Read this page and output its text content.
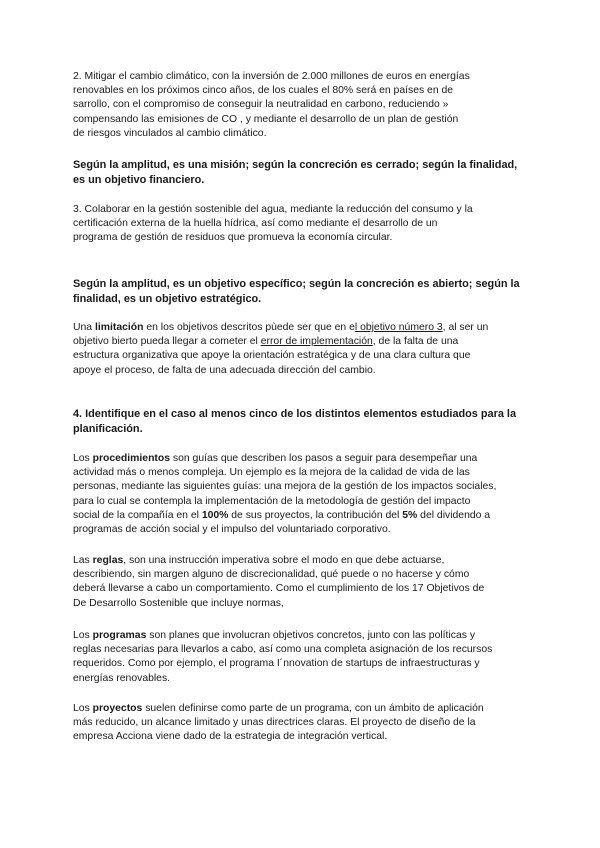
2. Mitigar el cambio climático, con la inversión de 2.000 millones de euros en energías
renovables en los próximos cinco años, de los cuales el 80% será en países en de
sarrollo, con el compromiso de conseguir la neutralidad en carbono, reduciendo »
compensando las emisiones de CO , y mediante el desarrollo de un plan de gestión
de riesgos vinculados al cambio climático.

Según la amplitud, es una misión; según la concreción es cerrado; según la finalidad,
es un objetivo financiero.

3. Colaborar en la gestión sostenible del agua, mediante la reducción del consumo y la
certificación externa de la huella hídrica, así como mediante el desarrollo de un
programa de gestión de residuos que promueva la economía circular.

Según la amplitud, es un objetivo específico; según la concreción es abierto; según la
finalidad, es un objetivo estratégico.

Una limitación en los objetivos descritos pùede ser que en el objetivo número 3, al ser un
objetivo bierto pueda llegar a cometer el error de implementación, de la falta de una
estructura organizativa que apoye la orientación estratégica y de una clara cultura que
apoye el proceso, de falta de una adecuada dirección del cambio.

4. Identifique en el caso al menos cinco de los distintos elementos estudiados para la
planificación.

Los procedimientos son guías que describen los pasos a seguir para desempeñar una
actividad más o menos compleja. Un ejemplo es la mejora de la calidad de vida de las
personas, mediante las siguientes guías: una mejora de la gestión de los impactos sociales,
para lo cual se contempla la implementación de la metodología de gestión del impacto
social de la compañía en el 100% de sus proyectos, la contribución del 5% del dividendo a
programas de acción social y el impulso del voluntariado corporativo.

Las reglas, son una instrucción imperativa sobre el modo en que debe actuarse,
describiendo, sin margen alguno de discrecionalidad, qué puede o no hacerse y cómo
deberá llevarse a cabo un comportamiento. Como el cumplimiento de los 17 Objetivos de
De Desarrollo Sostenible que incluye normas,

Los programas son planes que involucran objetivos concretos, junto con las políticas y
reglas necesarias para llevarlos a cabo, así como una completa asignación de los recursos
requeridos. Como por ejemplo, el programa I´nnovation de startups de infraestructuras y
energías renovables.

Los proyectos suelen definirse como parte de un programa, con un ámbito de aplicación
más reducido, un alcance limitado y unas directrices claras. El proyecto de diseño de la
empresa Acciona viene dado de la estrategia de integración vertical.
